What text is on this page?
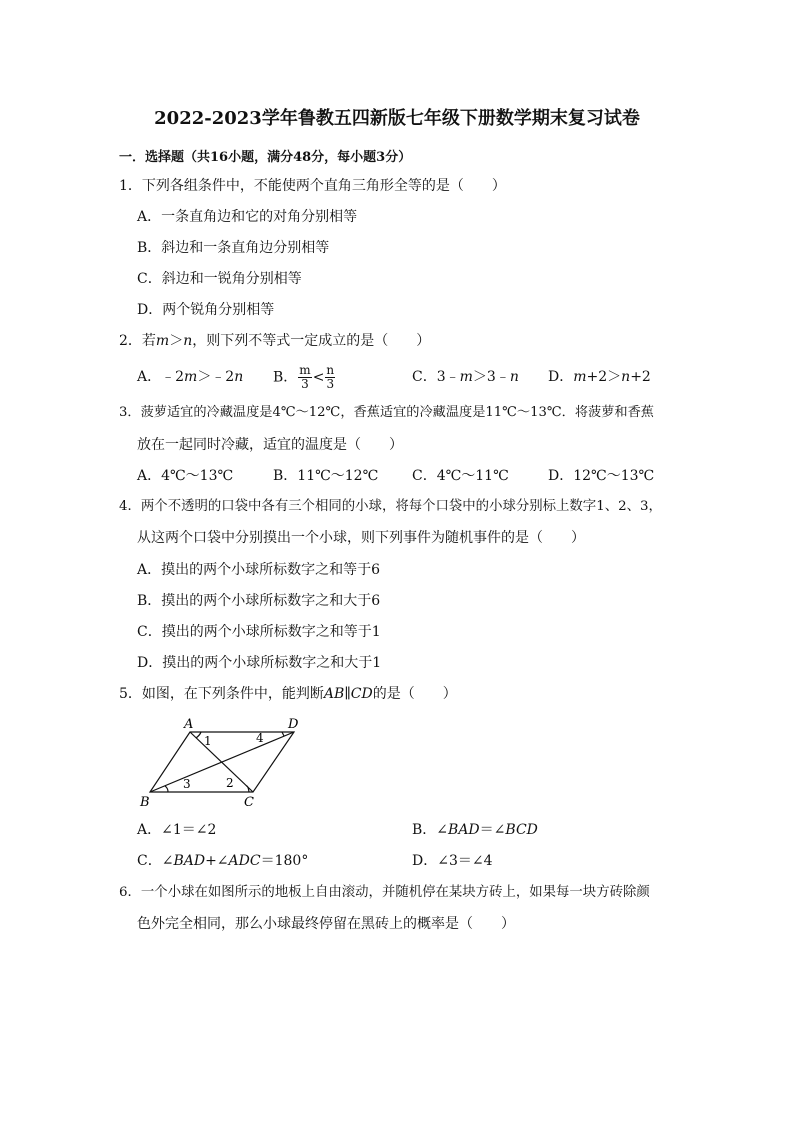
2022-2023学年鲁教五四新版七年级下册数学期末复习试卷
一．选择题（共16小题，满分48分，每小题3分）
1．下列各组条件中，不能使两个直角三角形全等的是（　　）
A．一条直角边和它的对角分别相等
B．斜边和一条直角边分别相等
C．斜边和一锐角分别相等
D．两个锐角分别相等
2．若m＞n，则下列不等式一定成立的是（　　）
A．﹣2m＞﹣2n B． $\frac{m}{3} < \frac{n}{3}$	C．3﹣m＞3﹣n D．m+2＞n+2
3．菠萝适宜的冷藏温度是4℃～12℃，香蕉适宜的冷藏温度是11℃～13℃．将菠萝和香蕉
放在一起同时冷藏，适宜的温度是（　　）
A．4℃～13℃	B．11℃～12℃ C．4℃～11℃	D．12℃～13℃
4．两个不透明的口袋中各有三个相同的小球，将每个口袋中的小球分别标上数字1、2、3，
从这两个口袋中分别摸出一个小球，则下列事件为随机事件的是（　　）
A．摸出的两个小球所标数字之和等于6
B．摸出的两个小球所标数字之和大于6
C．摸出的两个小球所标数字之和等于1
D．摸出的两个小球所标数字之和大于1
5．如图，在下列条件中，能判断AB∥CD的是（　　）
A	D
B	C
1	4
3	2
A．∠1＝∠2	B．∠BAD＝∠BCD
C．∠BAD+∠ADC＝180°	D．∠3＝∠4
6．一个小球在如图所示的地板上自由滚动，并随机停在某块方砖上，如果每一块方砖除颜
色外完全相同，那么小球最终停留在黑砖上的概率是（　　）
